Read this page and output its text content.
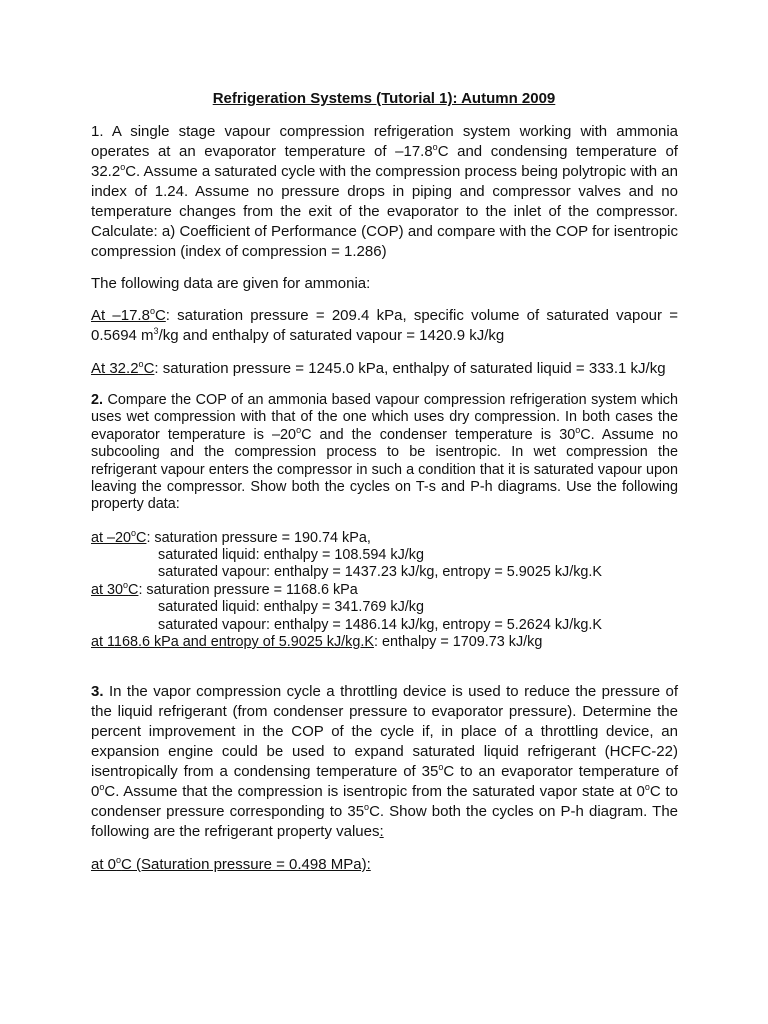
Refrigeration Systems (Tutorial 1): Autumn 2009
1. A single stage vapour compression refrigeration system working with ammonia operates at an evaporator temperature of –17.8$^o$C and condensing temperature of 32.2$^o$C. Assume a saturated cycle with the compression process being polytropic with an index of 1.24. Assume no pressure drops in piping and compressor valves and no temperature changes from the exit of the evaporator to the inlet of the compressor. Calculate: a) Coefficient of Performance (COP) and compare with the COP for isentropic compression (index of compression = 1.286)
The following data are given for ammonia:
At –17.8$^o$C: saturation pressure = 209.4 kPa, specific volume of saturated vapour = 0.5694 $m^3/kg$ and enthalpy of saturated vapour = 1420.9 kJ/kg
At 32.2$^o$C: saturation pressure = 1245.0 kPa, enthalpy of saturated liquid = 333.1 kJ/kg
2. Compare the COP of an ammonia based vapour compression refrigeration system which uses wet compression with that of the one which uses dry compression. In both cases the evaporator temperature is –20$^o$C and the condenser temperature is 30$^o$C. Assume no subcooling and the compression process to be isentropic. In wet compression the refrigerant vapour enters the compressor in such a condition that it is saturated vapour upon leaving the compressor. Show both the cycles on T-s and P-h diagrams. Use the following property data:
at –20$^o$C: saturation pressure = 190.74 kPa,
saturated liquid: enthalpy = 108.594 kJ/kg
saturated vapour: enthalpy = 1437.23 kJ/kg, entropy = 5.9025 kJ/kg.K
at 30$^o$C: saturation pressure = 1168.6 kPa
saturated liquid: enthalpy = 341.769 kJ/kg
saturated vapour: enthalpy = 1486.14 kJ/kg, entropy = 5.2624 kJ/kg.K
at 1168.6 kPa and entropy of 5.9025 kJ/kg.K: enthalpy = 1709.73 kJ/kg
3. In the vapor compression cycle a throttling device is used to reduce the pressure of the liquid refrigerant (from condenser pressure to evaporator pressure). Determine the percent improvement in the COP of the cycle if, in place of a throttling device, an expansion engine could be used to expand saturated liquid refrigerant (HCFC-22) isentropically from a condensing temperature of 35$^o$C to an evaporator temperature of 0$^o$C. Assume that the compression is isentropic from the saturated vapor state at 0$^o$C to condenser pressure corresponding to 35$^o$C. Show both the cycles on P-h diagram. The following are the refrigerant property values:
at 0$^o$C (Saturation pressure = 0.498 MPa):
